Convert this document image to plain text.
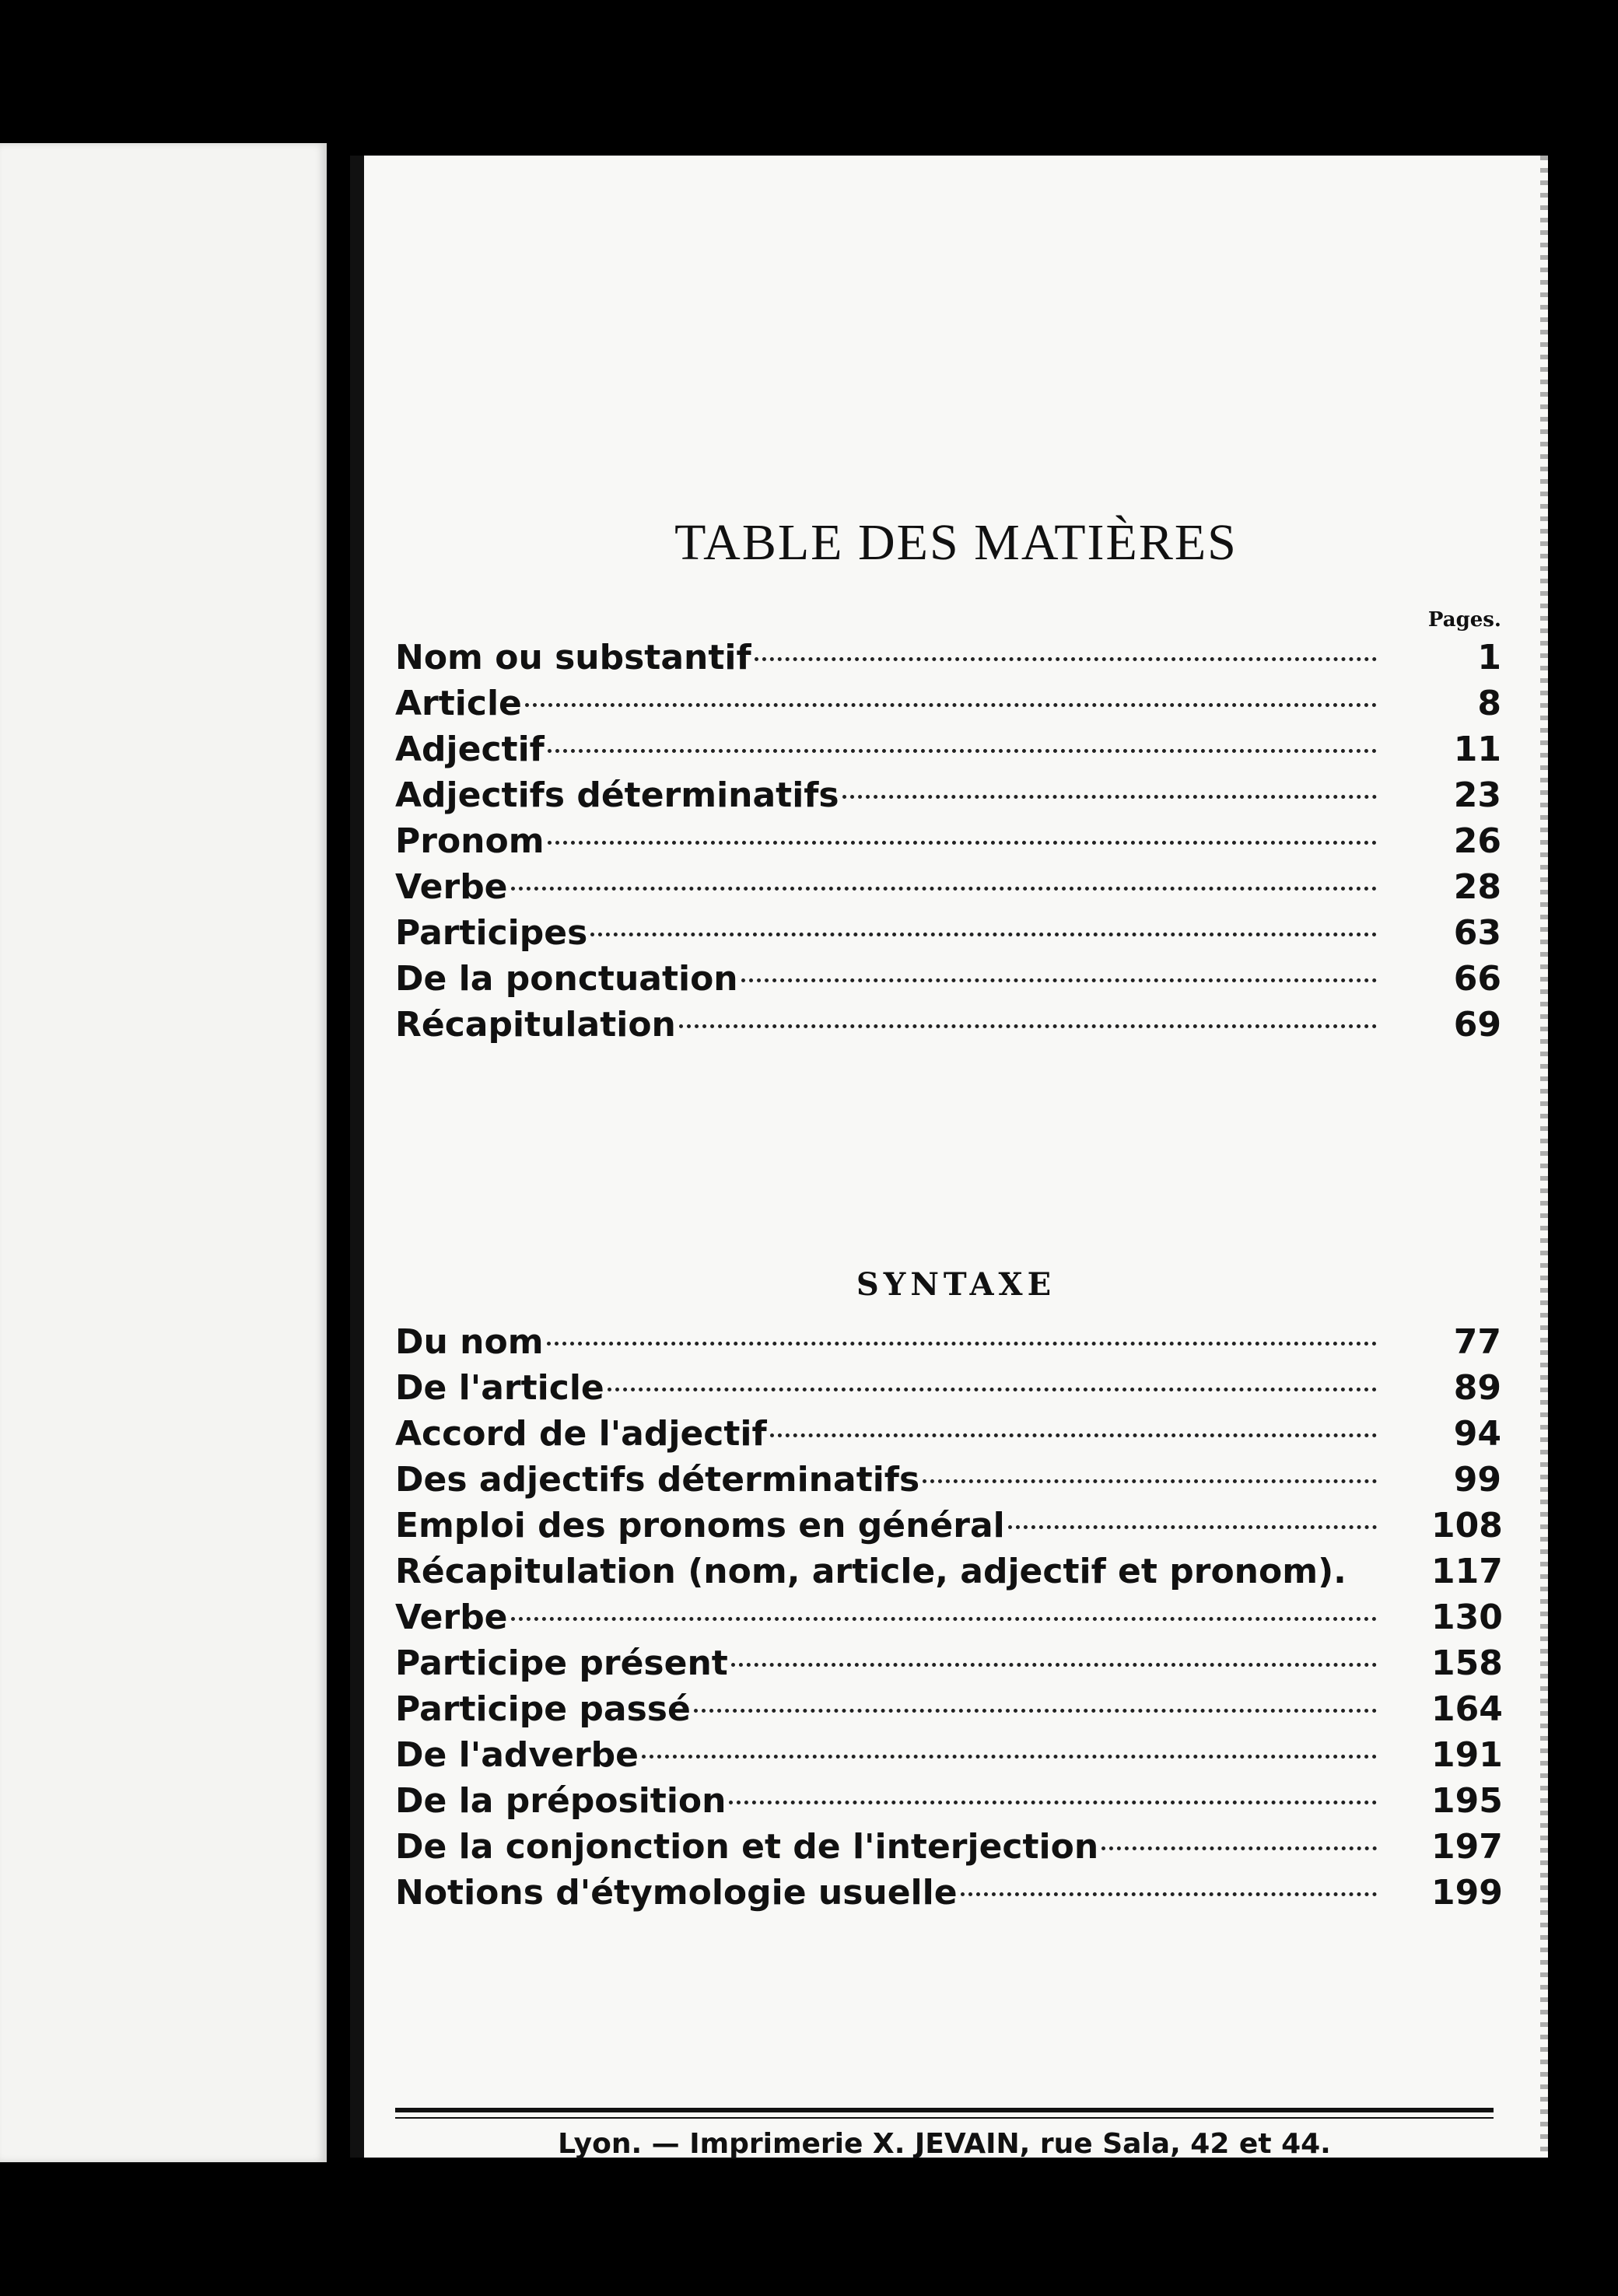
TABLE DES MATIÈRES
Pages.
Nom ou substantif	1
Article	8
Adjectif	11
Adjectifs déterminatifs	23
Pronom	26
Verbe	28
Participes	63
De la ponctuation	66
Récapitulation	69
SYNTAXE
Du nom	77
De l'article	89
Accord de l'adjectif	94
Des adjectifs déterminatifs	99
Emploi des pronoms en général	108
Récapitulation (nom, article, adjectif et pronom). 117
Verbe	130
Participe présent	158
Participe passé	164
De l'adverbe	191
De la préposition	195
De la conjonction et de l'interjection	197
Notions d'étymologie usuelle	199
Lyon. — Imprimerie X. JEVAIN, rue Sala, 42 et 44.
